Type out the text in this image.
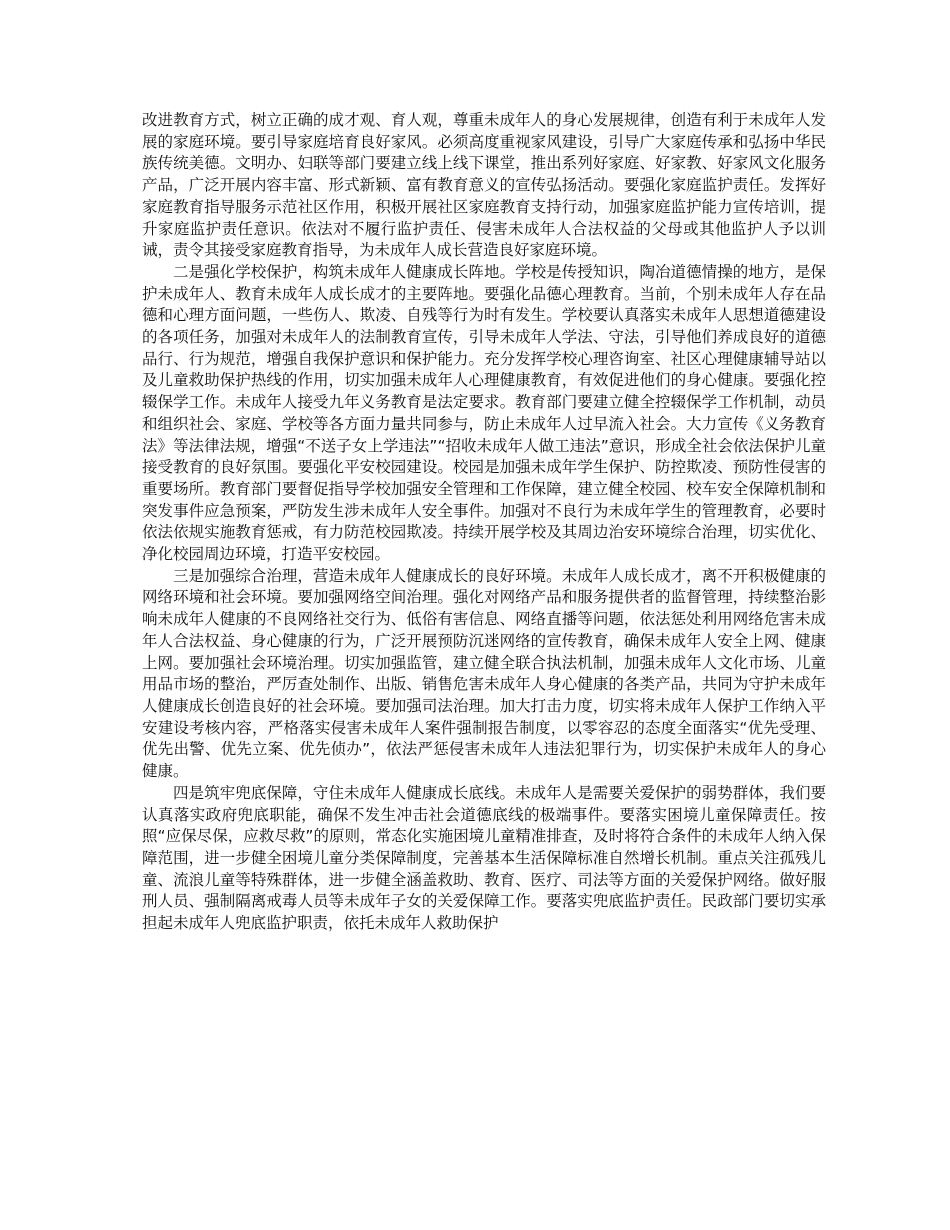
改进教育方式，树立正确的成才观、育人观，尊重未成年人的身心发展规律，创造有利于未成年人发展的家庭环境。要引导家庭培育良好家风。必须高度重视家风建设，引导广大家庭传承和弘扬中华民族传统美德。文明办、妇联等部门要建立线上线下课堂，推出系列好家庭、好家教、好家风文化服务产品，广泛开展内容丰富、形式新颖、富有教育意义的宣传弘扬活动。要强化家庭监护责任。发挥好家庭教育指导服务示范社区作用，积极开展社区家庭教育支持行动，加强家庭监护能力宣传培训，提升家庭监护责任意识。依法对不履行监护责任、侵害未成年人合法权益的父母或其他监护人予以训诫，责令其接受家庭教育指导，为未成年人成长营造良好家庭环境。

二是强化学校保护，构筑未成年人健康成长阵地。学校是传授知识，陶冶道德情操的地方，是保护未成年人、教育未成年人成长成才的主要阵地。要强化品德心理教育。当前，个别未成年人存在品德和心理方面问题，一些伤人、欺凌、自残等行为时有发生。学校要认真落实未成年人思想道德建设的各项任务，加强对未成年人的法制教育宣传，引导未成年人学法、守法，引导他们养成良好的道德品行、行为规范，增强自我保护意识和保护能力。充分发挥学校心理咨询室、社区心理健康辅导站以及儿童救助保护热线的作用，切实加强未成年人心理健康教育，有效促进他们的身心健康。要强化控辍保学工作。未成年人接受九年义务教育是法定要求。教育部门要建立健全控辍保学工作机制，动员和组织社会、家庭、学校等各方面力量共同参与，防止未成年人过早流入社会。大力宣传《义务教育法》等法律法规，增强“不送子女上学违法”“招收未成年人做工违法”意识，形成全社会依法保护儿童接受教育的良好氛围。要强化平安校园建设。校园是加强未成年学生保护、防控欺凌、预防性侵害的重要场所。教育部门要督促指导学校加强安全管理和工作保障，建立健全校园、校车安全保障机制和突发事件应急预案，严防发生涉未成年人安全事件。加强对不良行为未成年学生的管理教育，必要时依法依规实施教育惩戒，有力防范校园欺凌。持续开展学校及其周边治安环境综合治理，切实优化、净化校园周边环境，打造平安校园。

三是加强综合治理，营造未成年人健康成长的良好环境。未成年人成长成才，离不开积极健康的网络环境和社会环境。要加强网络空间治理。强化对网络产品和服务提供者的监督管理，持续整治影响未成年人健康的不良网络社交行为、低俗有害信息、网络直播等问题，依法惩处利用网络危害未成年人合法权益、身心健康的行为，广泛开展预防沉迷网络的宣传教育，确保未成年人安全上网、健康上网。要加强社会环境治理。切实加强监管，建立健全联合执法机制，加强未成年人文化市场、儿童用品市场的整治，严厉查处制作、出版、销售危害未成年人身心健康的各类产品，共同为守护未成年人健康成长创造良好的社会环境。要加强司法治理。加大打击力度，切实将未成年人保护工作纳入平安建设考核内容，严格落实侵害未成年人案件强制报告制度，以零容忍的态度全面落实“优先受理、优先出警、优先立案、优先侦办”，依法严惩侵害未成年人违法犯罪行为，切实保护未成年人的身心健康。

四是筑牢兜底保障，守住未成年人健康成长底线。未成年人是需要关爱保护的弱势群体，我们要认真落实政府兜底职能，确保不发生冲击社会道德底线的极端事件。要落实困境儿童保障责任。按照“应保尽保，应救尽救”的原则，常态化实施困境儿童精准排查，及时将符合条件的未成年人纳入保障范围，进一步健全困境儿童分类保障制度，完善基本生活保障标准自然增长机制。重点关注孤残儿童、流浪儿童等特殊群体，进一步健全涵盖救助、教育、医疗、司法等方面的关爱保护网络。做好服刑人员、强制隔离戒毒人员等未成年子女的关爱保障工作。要落实兜底监护责任。民政部门要切实承担起未成年人兜底监护职责，依托未成年人救助保护
